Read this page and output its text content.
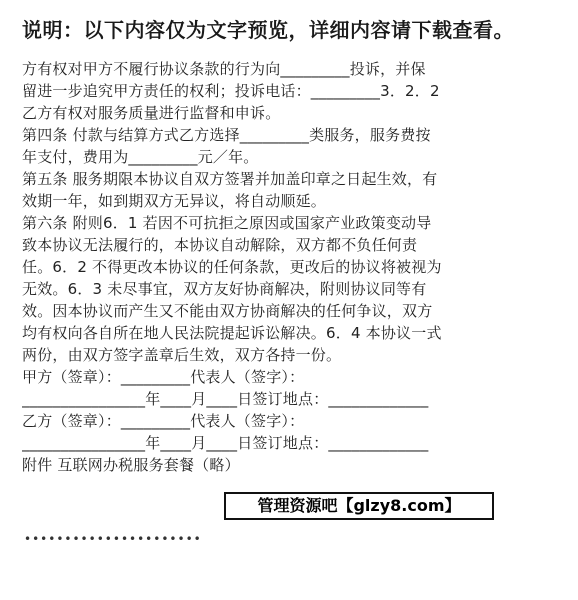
说明：以下内容仅为文字预览，详细内容请下载查看。
方有权对甲方不履行协议条款的行为向_________投诉，并保
留进一步追究甲方责任的权利；投诉电话：_________3．2．2
乙方有权对服务质量进行监督和申诉。
第四条 付款与结算方式乙方选择_________类服务，服务费按
年支付，费用为_________元／年。
第五条 服务期限本协议自双方签署并加盖印章之日起生效，有
效期一年，如到期双方无异议，将自动顺延。
第六条 附则6．1 若因不可抗拒之原因或国家产业政策变动导
致本协议无法履行的，本协议自动解除，双方都不负任何责
任。6．2 不得更改本协议的任何条款，更改后的协议将被视为
无效。6．3 未尽事宜，双方友好协商解决，附则协议同等有
效。因本协议而产生又不能由双方协商解决的任何争议，双方
均有权向各自所在地人民法院提起诉讼解决。6．4 本协议一式
两份，由双方签字盖章后生效，双方各持一份。
甲方（签章）：_________代表人（签字）：
________________年____月____日签订地点：_____________
乙方（签章）：_________代表人（签字）：
________________年____月____日签订地点：_____________
附件 互联网办税服务套餐（略）
管理资源吧【glzy8.com】
••••••••••••••••••••••
